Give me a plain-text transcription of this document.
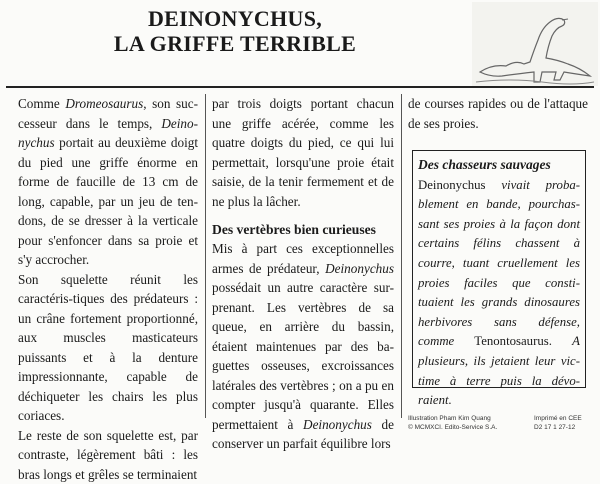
DEINONYCHUS,
LA GRIFFE TERRIBLE

Comme Dromeosaurus, son suc-cesseur dans le temps, Deino-nychus portait au deuxième doigt du pied une griffe énorme en forme de faucille de 13 cm de long, capable, par un jeu de ten-dons, de se dresser à la verticale pour s'enfoncer dans sa proie et s'y accrocher.

Son squelette réunit les caractéris-tiques des prédateurs : un crâne fortement proportionné, aux muscles masticateurs puissants et à la denture impressionnante, capable de déchiqueter les chairs les plus coriaces.

Le reste de son squelette est, par contraste, légèrement bâti : les bras longs et grêles se terminaient

par trois doigts portant chacun une griffe acérée, comme les quatre doigts du pied, ce qui lui permettait, lorsqu'une proie était saisie, de la tenir fermement et de ne plus la lâcher.

Des vertèbres bien curieuses

Mis à part ces exceptionnelles armes de prédateur, Deinonychus possédait un autre caractère sur-prenant. Les vertèbres de sa queue, en arrière du bassin, étaient maintenues par des ba-guettes osseuses, excroissances latérales des vertèbres ; on a pu en compter jusqu'à quarante. Elles permettaient à Deinonychus de conserver un parfait équilibre lors

de courses rapides ou de l'attaque de ses proies.

Des chasseurs sauvages

Deinonychus vivait proba-blement en bande, pourchas-sant ses proies à la façon dont certains félins chassent à courre, tuant cruellement les proies faciles que consti-tuaient les grands dinosaures herbivores sans défense, comme Tenontosaurus. A plusieurs, ils jetaient leur vic-time à terre puis la dévo-raient.

Illustration Pham Kim Quang
© MCMXCI. Edito-Service S.A.
Imprimé en CEE
D2 17 1 27-12
